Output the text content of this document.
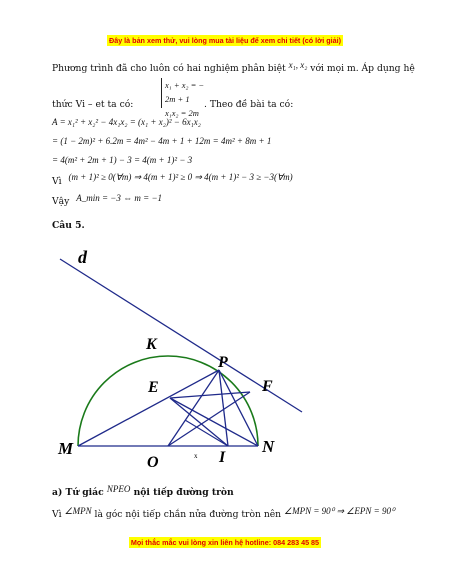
Đây là bản xem thử, vui lòng mua tài liệu để xem chi tiết (có lời giải)
Phương trình đã cho luôn có hai nghiệm phân biệt x₁, x₂ với mọi m. Áp dụng hệ
thức Vi – et ta có:
x₁ + x₂ = − 2m + 1
x₁x₂ = 2m
. Theo đề bài ta có:
A = x₁² + x₂² − 4x₁x₂ = (x₁ + x₂)² − 6x₁x₂
= (1 − 2m)² + 6.2m = 4m² − 4m + 1 + 12m = 4m² + 8m + 1
= 4(m² + 2m + 1) − 3 = 4(m + 1)² − 3
Vì (m + 1)² ≥ 0(∀m) ⇒ 4(m + 1)² ≥ 0 ⇒ 4(m + 1)² − 3 ≥ −3(∀m)
Vậy A_min = −3 ⇔ m = −1
Câu 5.
d
K
P
E	F
M	N
O	I
x
a) Tứ giác NPEO nội tiếp đường tròn
Vì ∠MPN là góc nội tiếp chắn nửa đường tròn nên ∠MPN = 90⁰ ⇒ ∠EPN = 90⁰
Mọi thắc mắc vui lòng xin liên hệ hotline: 084 283 45 85
